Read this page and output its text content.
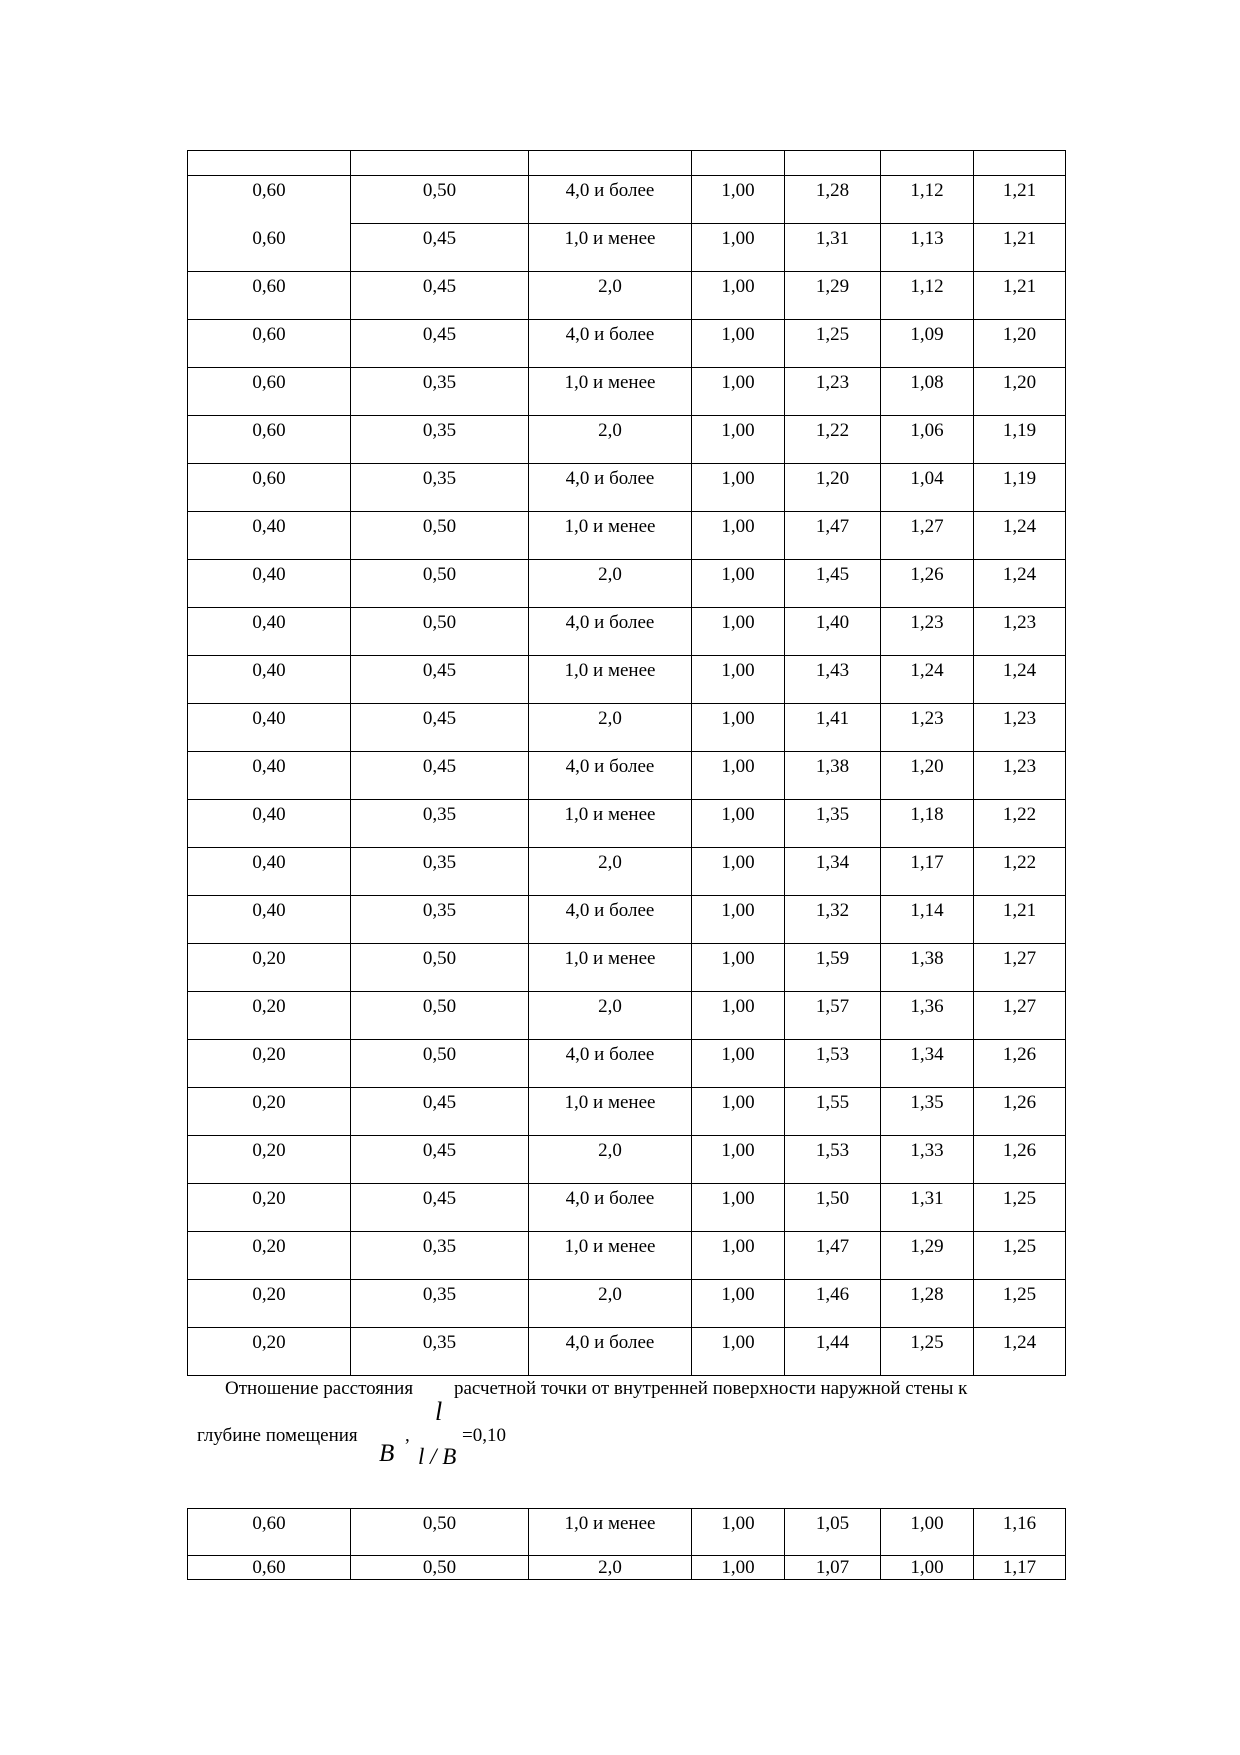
0,60	0,50	4,0 и более	1,00	1,28	1,12	1,21

0,60	0,45	1,0 и менее	1,00	1,31	1,13	1,21

0,60	0,45	2,0	1,00	1,29	1,12	1,21

0,60	0,45	4,0 и более	1,00	1,25	1,09	1,20

0,60	0,35	1,0 и менее	1,00	1,23	1,08	1,20

0,60	0,35	2,0	1,00	1,22	1,06	1,19

0,60	0,35	4,0 и более	1,00	1,20	1,04	1,19

0,40	0,50	1,0 и менее	1,00	1,47	1,27	1,24

0,40	0,50	2,0	1,00	1,45	1,26	1,24

0,40	0,50	4,0 и более	1,00	1,40	1,23	1,23

0,40	0,45	1,0 и менее	1,00	1,43	1,24	1,24

0,40	0,45	2,0	1,00	1,41	1,23	1,23

0,40	0,45	4,0 и более	1,00	1,38	1,20	1,23

0,40	0,35	1,0 и менее	1,00	1,35	1,18	1,22

0,40	0,35	2,0	1,00	1,34	1,17	1,22

0,40	0,35	4,0 и более	1,00	1,32	1,14	1,21

0,20	0,50	1,0 и менее	1,00	1,59	1,38	1,27

0,20	0,50	2,0	1,00	1,57	1,36	1,27

0,20	0,50	4,0 и более	1,00	1,53	1,34	1,26

0,20	0,45	1,0 и менее	1,00	1,55	1,35	1,26

0,20	0,45	2,0	1,00	1,53	1,33	1,26

0,20	0,45	4,0 и более	1,00	1,50	1,31	1,25

0,20	0,35	1,0 и менее	1,00	1,47	1,29	1,25

0,20	0,35	2,0	1,00	1,46	1,28	1,25

0,20	0,35	4,0 и более	1,00	1,44	1,25	1,24
Отношение расстояния расчетной точки от внутренней поверхности наружной стены к
l
глубине помещения
B
,
l / B
=0,10
0,60	0,50	1,0 и менее	1,00	1,05	1,00	1,16

0,60	0,50	2,0	1,00	1,07	1,00	1,17
